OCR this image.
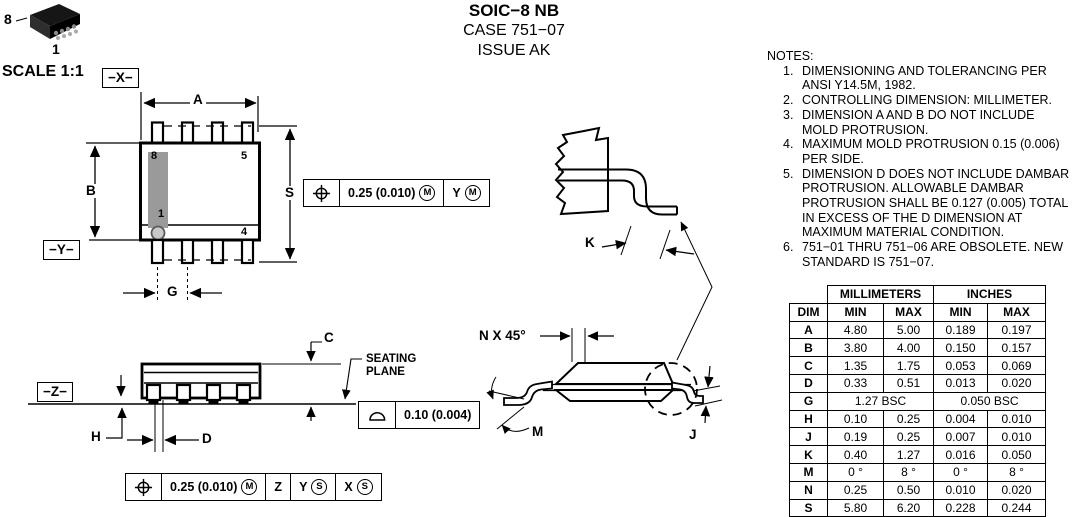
8
1
SCALE 1:1
SOIC−8 NB
CASE 751−07
ISSUE AK
−X−
−Y−
−Z−
A
B	S
G
C
H	D
K
M	J
N X 45°
8	5
1
4
SEATING
PLANE
0.25 (0.010) M	Y M
0.10 (0.004)
0.25 (0.010) M	Z Y S	X S
NOTES:
1. DIMENSIONING AND TOLERANCING PER
ANSI Y14.5M, 1982.
2. CONTROLLING DIMENSION: MILLIMETER.
3. DIMENSION A AND B DO NOT INCLUDE
MOLD PROTRUSION.
4. MAXIMUM MOLD PROTRUSION 0.15 (0.006)
PER SIDE.
5. DIMENSION D DOES NOT INCLUDE DAMBAR
PROTRUSION. ALLOWABLE DAMBAR
PROTRUSION SHALL BE 0.127 (0.005) TOTAL
IN EXCESS OF THE D DIMENSION AT
MAXIMUM MATERIAL CONDITION.
6. 751−01 THRU 751−06 ARE OBSOLETE. NEW
STANDARD IS 751−07.
	MILLIMETERS		INCHES	
DIM	MIN	MAX	MIN	MAX
A	4.80	5.00	0.189	0.197
B	3.80	4.00	0.150	0.157
C	1.35	1.75	0.053	0.069
D	0.33	0.51	0.013	0.020
G	1.27 BSC		0.050 BSC	
H	0.10	0.25	0.004	0.010
J	0.19	0.25	0.007	0.010
K	0.40	1.27	0.016	0.050
M	0 °	8 °	0 °	8 °
N	0.25	0.50	0.010	0.020
S	5.80	6.20	0.228	0.244
